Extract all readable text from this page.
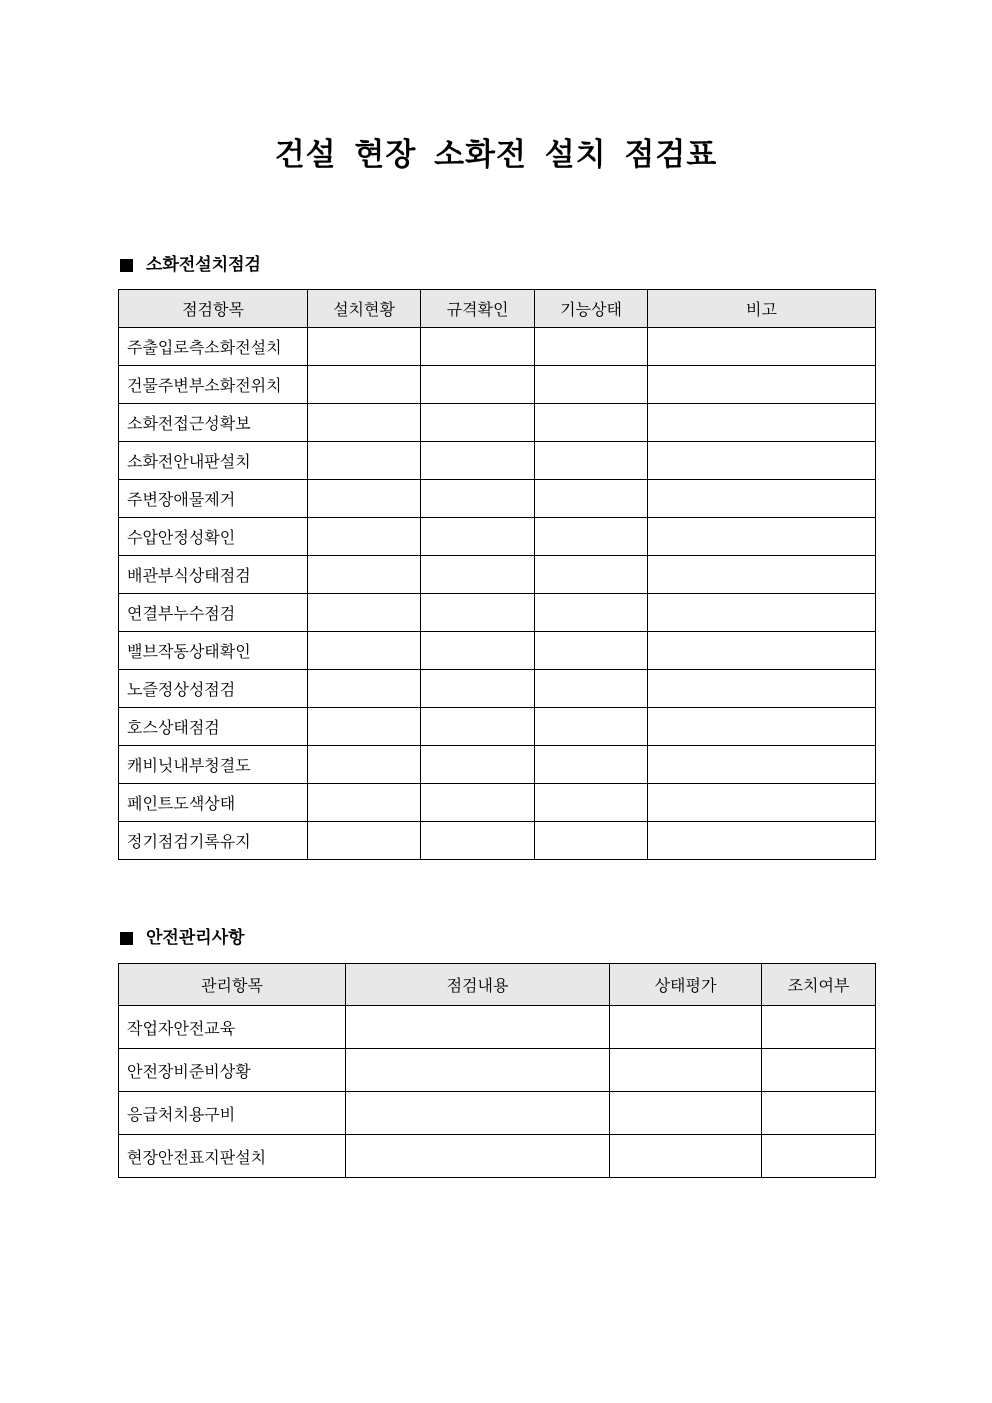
건설 현장 소화전 설치 점검표
소화전설치점검
점검항목	설치현황	규격확인	기능상태	비고
주출입로측소화전설치				
건물주변부소화전위치				
소화전접근성확보				
소화전안내판설치				
주변장애물제거				
수압안정성확인				
배관부식상태점검				
연결부누수점검				
밸브작동상태확인				
노즐정상성점검				
호스상태점검				
캐비닛내부청결도				
페인트도색상태				
정기점검기록유지				
안전관리사항
관리항목	점검내용	상태평가	조치여부
작업자안전교육			
안전장비준비상황			
응급처치용구비			
현장안전표지판설치			
